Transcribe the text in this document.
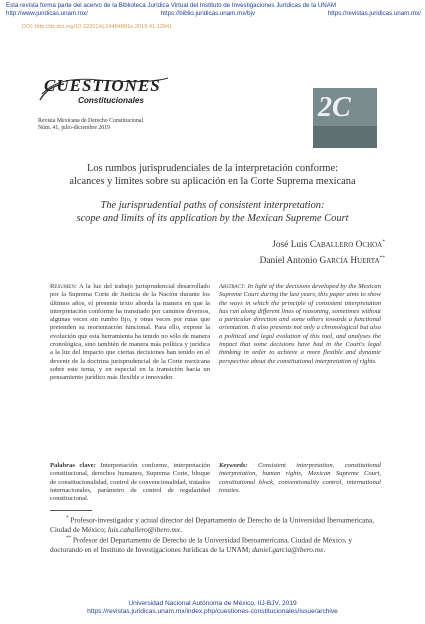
Esta revista forma parte del acervo de la Biblioteca Jurídica Virtual del Instituto de Investigaciones Jurídicas de la UNAM
http://www.juridicas.unam.mx/	https://biblio.juridicas.unam.mx/bjv	https://revistas.juridicas.unam.mx/
DOI: http://dx.doi.org/10.22201/iij.24484881e.2019.41.13941
CUESTIONES
Constitucionales
Revista Mexicana de Derecho Constitucional
Núm. 41, julio-diciembre 2019
2C
Los rumbos jurisprudenciales de la interpretación conforme:
alcances y límites sobre su aplicación en la Corte Suprema mexicana
The jurisprudential paths of consistent interpretation:
scope and limits of its application by the Mexican Supreme Court
José Luis Caballero Ochoa*
Daniel Antonio García Huerta**
Resumen: A la luz del trabajo jurisprudencial desarrollado por la Suprema Corte de Justicia de la Nación durante los últimos años, el presente texto aborda la manera en que la interpretación conforme ha transitado por caminos diversos, algunas veces sin rumbo fijo, y otras veces por rutas que pretenden su reorientación funcional. Para ello, expone la evolución que esta herramienta ha tenido no sólo de manera cronológica, sino también de manera más política y jurídica a la luz del impacto que ciertas decisiones han tenido en el devenir de la doctrina jurisprudencial de la Corte mexicana sobre este tema, y en especial en la transición hacia un pensamiento jurídico más flexible e innovador.
Abstract: In light of the decisions developed by the Mexican Supreme Court during the last years, this paper aims to show the ways in which the principle of consistent interpretation has run along different lines of reasoning, sometimes without a particular direction and some others towards a functional orientation. It also presents not only a chronological but also a political and legal evolution of this tool, and analyses the impact that some decisions have had in the Court's legal thinking in order to achieve a more flexible and dynamic perspective about the constitutional interpretation of rights.
Palabras clave: Interpretación conforme, interpretación constitucional, derechos humanos, Suprema Corte, bloque de constitucionalidad, control de convencionalidad, tratados internacionales, parámetro de control de regularidad constitucional.
Keywords: Consistent interpretation, constitutional interpretation, human rights, Mexican Supreme Court, constitutional block, conventionality control, international treaties.
* Profesor-investigador y actual director del Departamento de Derecho de la Universidad Iberoamericana, Ciudad de México; luis.caballero@ibero.mx.
** Profesor del Departamento de Derecho de la Universidad Iberoamericana, Ciudad de México, y doctorando en el Instituto de Investigaciones Jurídicas de la UNAM; daniel.garcia@ibero.mx.
Universidad Nacional Autónoma de México, IIJ-BJV, 2019
https://revistas.juridicas.unam.mx/index.php/cuestiones-constitucionales/issue/archive
